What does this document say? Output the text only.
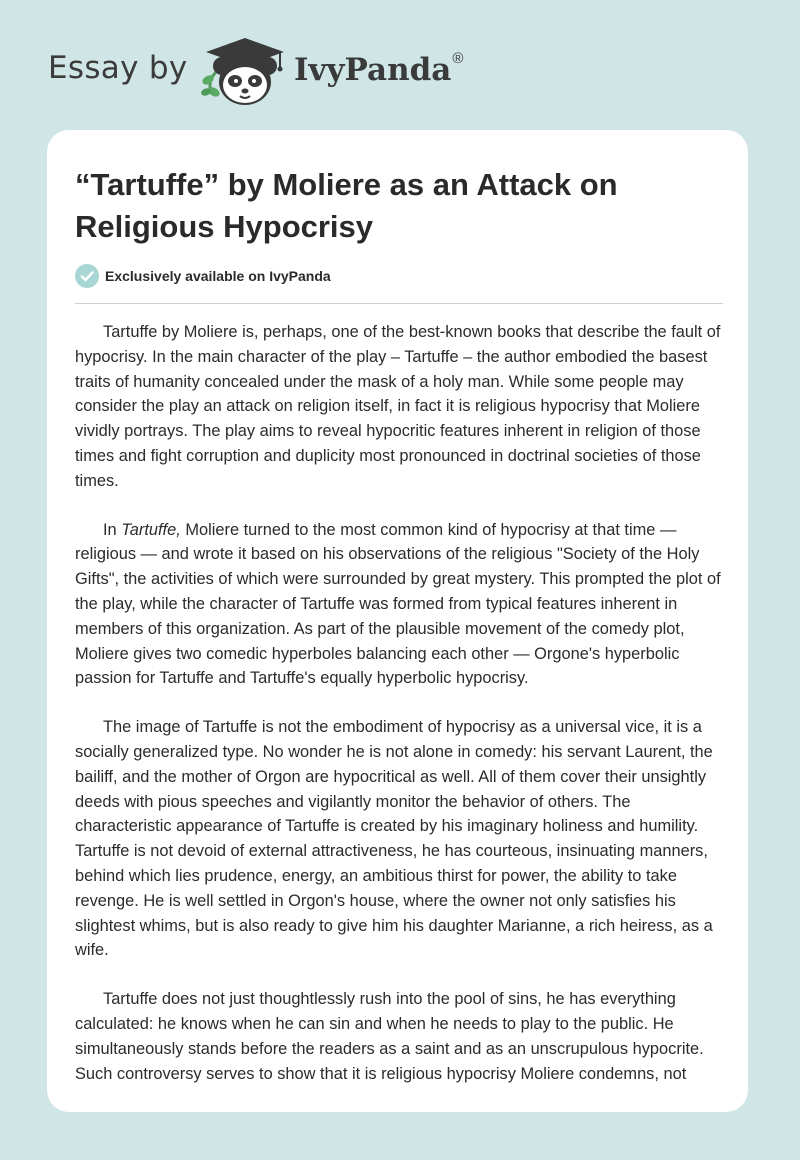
Essay by	IvyPanda®
“Tartuffe” by Moliere as an Attack on Religious Hypocrisy
Exclusively available on IvyPanda

Tartuffe by Moliere is, perhaps, one of the best-known books that describe the fault of hypocrisy. In the main character of the play – Tartuffe – the author embodied the basest traits of humanity concealed under the mask of a holy man. While some people may consider the play an attack on religion itself, in fact it is religious hypocrisy that Moliere vividly portrays. The play aims to reveal hypocritic features inherent in religion of those times and fight corruption and duplicity most pronounced in doctrinal societies of those times.

In Tartuffe, Moliere turned to the most common kind of hypocrisy at that time — religious — and wrote it based on his observations of the religious "Society of the Holy Gifts", the activities of which were surrounded by great mystery. This prompted the plot of the play, while the character of Tartuffe was formed from typical features inherent in members of this organization. As part of the plausible movement of the comedy plot, Moliere gives two comedic hyperboles balancing each other — Orgone's hyperbolic passion for Tartuffe and Tartuffe's equally hyperbolic hypocrisy.

The image of Tartuffe is not the embodiment of hypocrisy as a universal vice, it is a socially generalized type. No wonder he is not alone in comedy: his servant Laurent, the bailiff, and the mother of Orgon are hypocritical as well. All of them cover their unsightly deeds with pious speeches and vigilantly monitor the behavior of others. The characteristic appearance of Tartuffe is created by his imaginary holiness and humility. Tartuffe is not devoid of external attractiveness, he has courteous, insinuating manners, behind which lies prudence, energy, an ambitious thirst for power, the ability to take revenge. He is well settled in Orgon's house, where the owner not only satisfies his slightest whims, but is also ready to give him his daughter Marianne, a rich heiress, as a wife.

Tartuffe does not just thoughtlessly rush into the pool of sins, he has everything calculated: he knows when he can sin and when he needs to play to the public. He simultaneously stands before the readers as a saint and as an unscrupulous hypocrite. Such controversy serves to show that it is religious hypocrisy Moliere condemns, not
